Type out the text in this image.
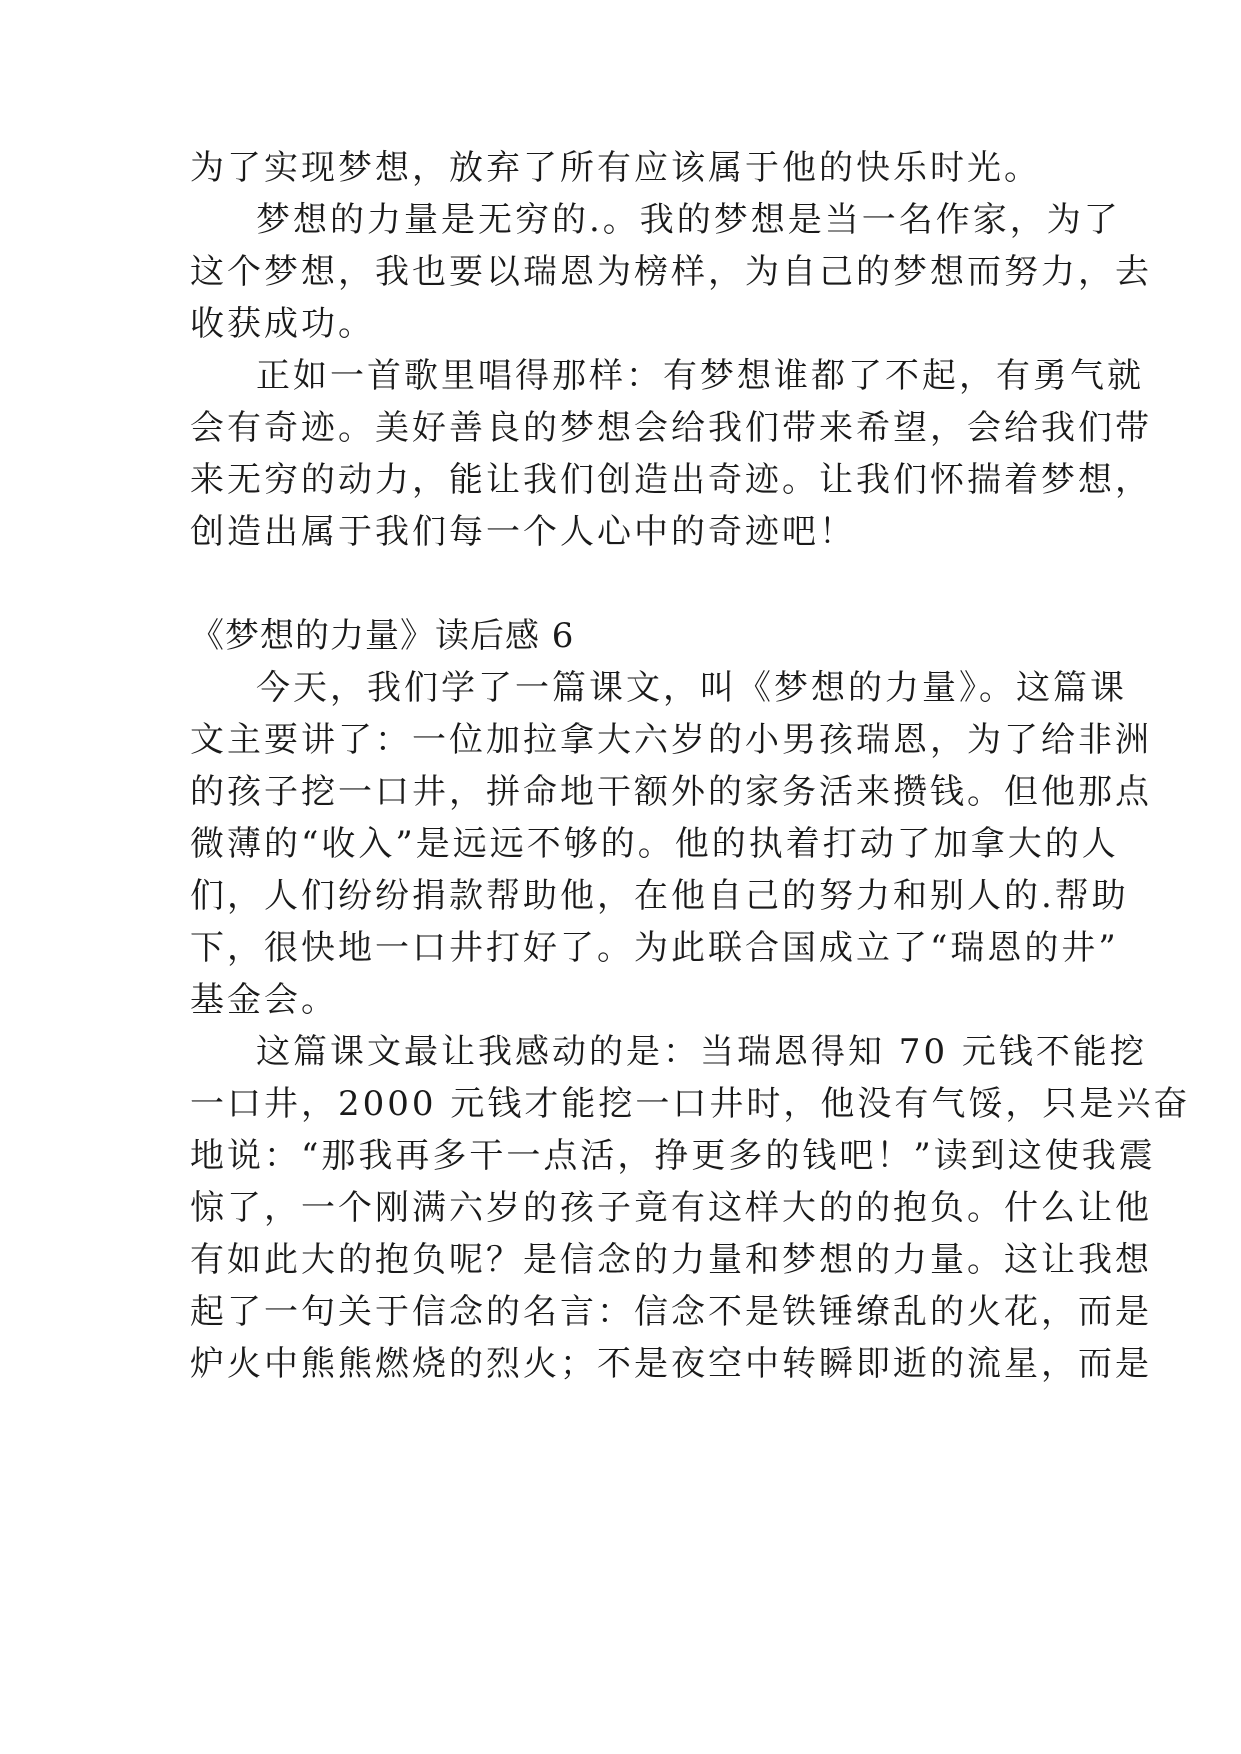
为了实现梦想，放弃了所有应该属于他的快乐时光。
梦想的力量是无穷的.。我的梦想是当一名作家，为了
这个梦想，我也要以瑞恩为榜样，为自己的梦想而努力，去
收获成功。
正如一首歌里唱得那样：有梦想谁都了不起，有勇气就
会有奇迹。美好善良的梦想会给我们带来希望，会给我们带
来无穷的动力，能让我们创造出奇迹。让我们怀揣着梦想，
创造出属于我们每一个人心中的奇迹吧！
《梦想的力量》读后感 6
今天，我们学了一篇课文，叫《梦想的力量》。这篇课
文主要讲了：一位加拉拿大六岁的小男孩瑞恩，为了给非洲
的孩子挖一口井，拼命地干额外的家务活来攒钱。但他那点
微薄的“收入”是远远不够的。他的执着打动了加拿大的人
们，人们纷纷捐款帮助他，在他自己的努力和别人的.帮助
下，很快地一口井打好了。为此联合国成立了“瑞恩的井”
基金会。
这篇课文最让我感动的是：当瑞恩得知 70 元钱不能挖
一口井，2000 元钱才能挖一口井时，他没有气馁，只是兴奋
地说：“那我再多干一点活，挣更多的钱吧！”读到这使我震
惊了，一个刚满六岁的孩子竟有这样大的的抱负。什么让他
有如此大的抱负呢？是信念的力量和梦想的力量。这让我想
起了一句关于信念的名言：信念不是铁锤缭乱的火花，而是
炉火中熊熊燃烧的烈火；不是夜空中转瞬即逝的流星，而是
